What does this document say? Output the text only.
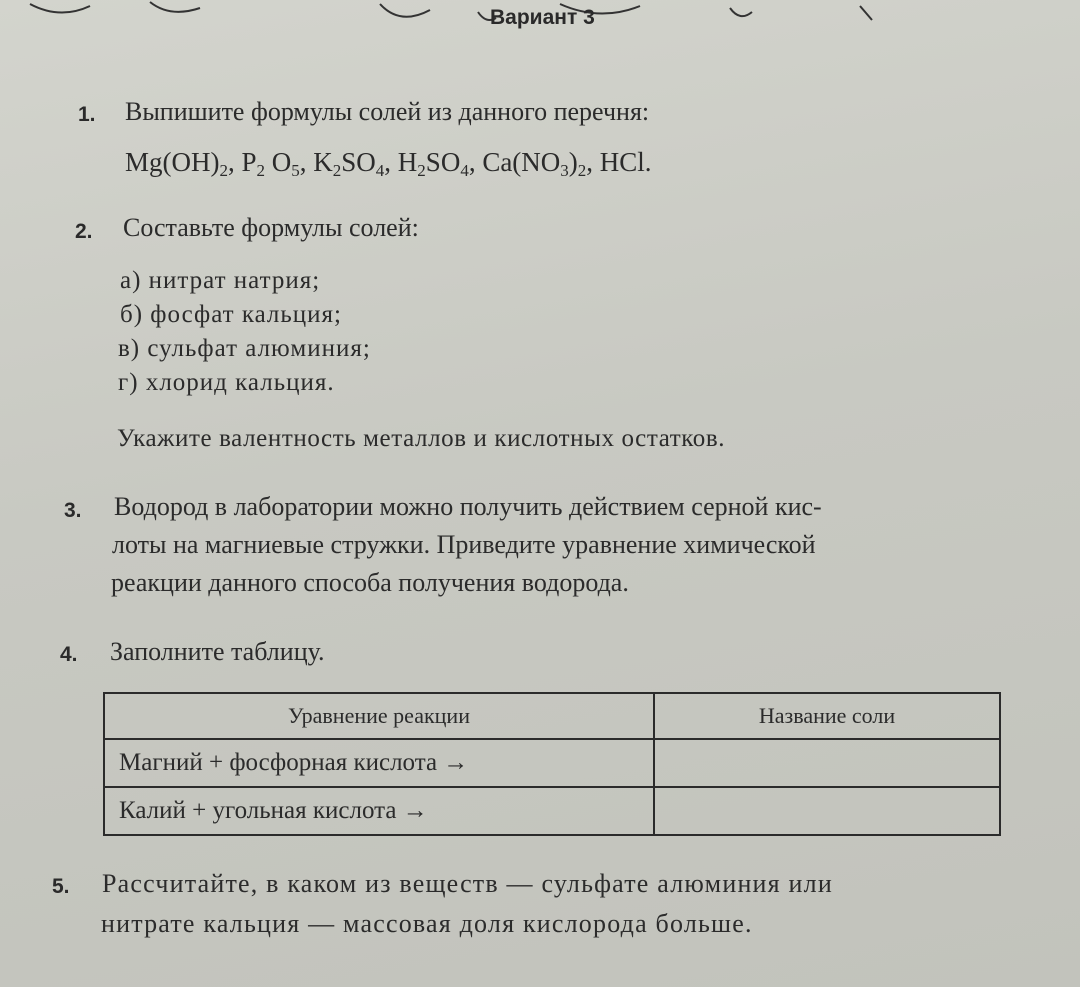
Вариант 3
1. Выпишите формулы солей из данного перечня:
$Mg(OH)_2$, $P_2$ $O_5$, $K_2SO_4$, $H_2SO_4$, $Ca(NO_3)_2$, HCl.
2. Составьте формулы солей:
а) нитрат натрия;
б) фосфат кальция;
в) сульфат алюминия;
г) хлорид кальция.
Укажите валентность металлов и кислотных остатков.
3. Водород в лаборатории можно получить действием серной кис-
лоты на магниевые стружки. Приведите уравнение химической
реакции данного способа получения водорода.
4. Заполните таблицу.
Уравнение реакции	Название соли
Магний + фосфорная кислота →	
Калий + угольная кислота →	
5. Рассчитайте, в каком из веществ — сульфате алюминия или
нитрате кальция — массовая доля кислорода больше.
